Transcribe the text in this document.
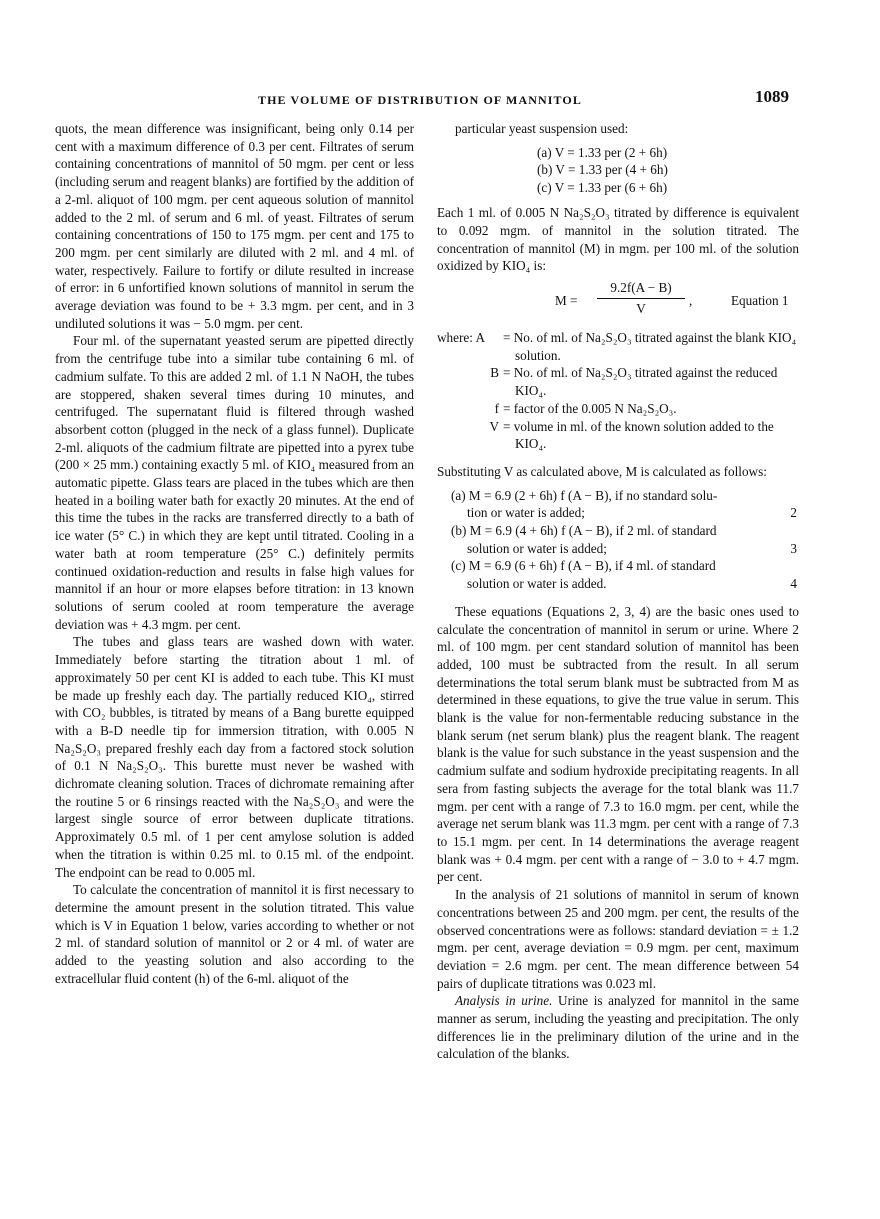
THE VOLUME OF DISTRIBUTION OF MANNITOL	1089

quots, the mean difference was insignificant, being only 0.14 per cent with a maximum difference of 0.3 per cent. Filtrates of serum containing concentrations of mannitol of 50 mgm. per cent or less (including serum and reagent blanks) are fortified by the addition of a 2-ml. aliquot of 100 mgm. per cent aqueous solution of mannitol added to the 2 ml. of serum and 6 ml. of yeast. Filtrates of serum containing concentrations of 150 to 175 mgm. per cent and 175 to 200 mgm. per cent similarly are diluted with 2 ml. and 4 ml. of water, respectively. Failure to fortify or dilute resulted in increase of error: in 6 unfortified known solutions of mannitol in serum the average deviation was found to be + 3.3 mgm. per cent, and in 3 undiluted solutions it was − 5.0 mgm. per cent.

Four ml. of the supernatant yeasted serum are pipetted directly from the centrifuge tube into a similar tube containing 6 ml. of cadmium sulfate. To this are added 2 ml. of 1.1 N NaOH, the tubes are stoppered, shaken several times during 10 minutes, and centrifuged. The supernatant fluid is filtered through washed absorbent cotton (plugged in the neck of a glass funnel). Duplicate 2-ml. aliquots of the cadmium filtrate are pipetted into a pyrex tube (200 × 25 mm.) containing exactly 5 ml. of KIO₄ measured from an automatic pipette. Glass tears are placed in the tubes which are then heated in a boiling water bath for exactly 20 minutes. At the end of this time the tubes in the racks are transferred directly to a bath of ice water (5° C.) in which they are kept until titrated. Cooling in a water bath at room temperature (25° C.) definitely permits continued oxidation-reduction and results in false high values for mannitol if an hour or more elapses before titration: in 13 known solutions of serum cooled at room temperature the average deviation was + 4.3 mgm. per cent.

The tubes and glass tears are washed down with water. Immediately before starting the titration about 1 ml. of approximately 50 per cent KI is added to each tube. This KI must be made up freshly each day. The partially reduced KIO₄, stirred with CO₂ bubbles, is titrated by means of a Bang burette equipped with a B-D needle tip for immersion titration, with 0.005 N Na₂S₂O₃ prepared freshly each day from a factored stock solution of 0.1 N Na₂S₂O₃. This burette must never be washed with dichromate cleaning solution. Traces of dichromate remaining after the routine 5 or 6 rinsings reacted with the Na₂S₂O₃ and were the largest single source of error between duplicate titrations. Approximately 0.5 ml. of 1 per cent amylose solution is added when the titration is within 0.25 ml. to 0.15 ml. of the endpoint. The endpoint can be read to 0.005 ml.

To calculate the concentration of mannitol it is first necessary to determine the amount present in the solution titrated. This value which is V in Equation 1 below, varies according to whether or not 2 ml. of standard solution of mannitol or 2 or 4 ml. of water are added to the yeasting solution and also according to the extracellular fluid content (h) of the 6-ml. aliquot of the

particular yeast suspension used:

(a) V = 1.33 per (2 + 6h)
(b) V = 1.33 per (4 + 6h)
(c) V = 1.33 per (6 + 6h)

Each 1 ml. of 0.005 N Na₂S₂O₃ titrated by difference is equivalent to 0.092 mgm. of mannitol in the solution titrated. The concentration of mannitol (M) in mgm. per 100 ml. of the solution oxidized by KIO₄ is:

$M = \frac{9.2f(A - B)}{V}$ ,	Equation 1
where: A	= No. of ml. of Na₂S₂O₃ titrated against the blank KIO₄ solution.
B = No. of ml. of Na₂S₂O₃ titrated against the reduced KIO₄.
f = factor of the 0.005 N Na₂S₂O₃.
V = volume in ml. of the known solution added to the KIO₄.

Substituting V as calculated above, M is calculated as follows:

(a) M = 6.9 (2 + 6h) f (A − B), if no standard solu-
tion or water is added;	2
(b) M = 6.9 (4 + 6h) f (A − B), if 2 ml. of standard
solution or water is added;	3
(c) M = 6.9 (6 + 6h) f (A − B), if 4 ml. of standard
solution or water is added.	4

These equations (Equations 2, 3, 4) are the basic ones used to calculate the concentration of mannitol in serum or urine. Where 2 ml. of 100 mgm. per cent standard solution of mannitol has been added, 100 must be subtracted from the result. In all serum determinations the total serum blank must be subtracted from M as determined in these equations, to give the true value in serum. This blank is the value for non-fermentable reducing substance in the blank serum (net serum blank) plus the reagent blank. The reagent blank is the value for such substance in the yeast suspension and the cadmium sulfate and sodium hydroxide precipitating reagents. In all sera from fasting subjects the average for the total blank was 11.7 mgm. per cent with a range of 7.3 to 16.0 mgm. per cent, while the average net serum blank was 11.3 mgm. per cent with a range of 7.3 to 15.1 mgm. per cent. In 14 determinations the average reagent blank was + 0.4 mgm. per cent with a range of − 3.0 to + 4.7 mgm. per cent.

In the analysis of 21 solutions of mannitol in serum of known concentrations between 25 and 200 mgm. per cent, the results of the observed concentrations were as follows: standard deviation = ± 1.2 mgm. per cent, average deviation = 0.9 mgm. per cent, maximum deviation = 2.6 mgm. per cent. The mean difference between 54 pairs of duplicate titrations was 0.023 ml.

Analysis in urine. Urine is analyzed for mannitol in the same manner as serum, including the yeasting and precipitation. The only differences lie in the preliminary dilution of the urine and in the calculation of the blanks.
